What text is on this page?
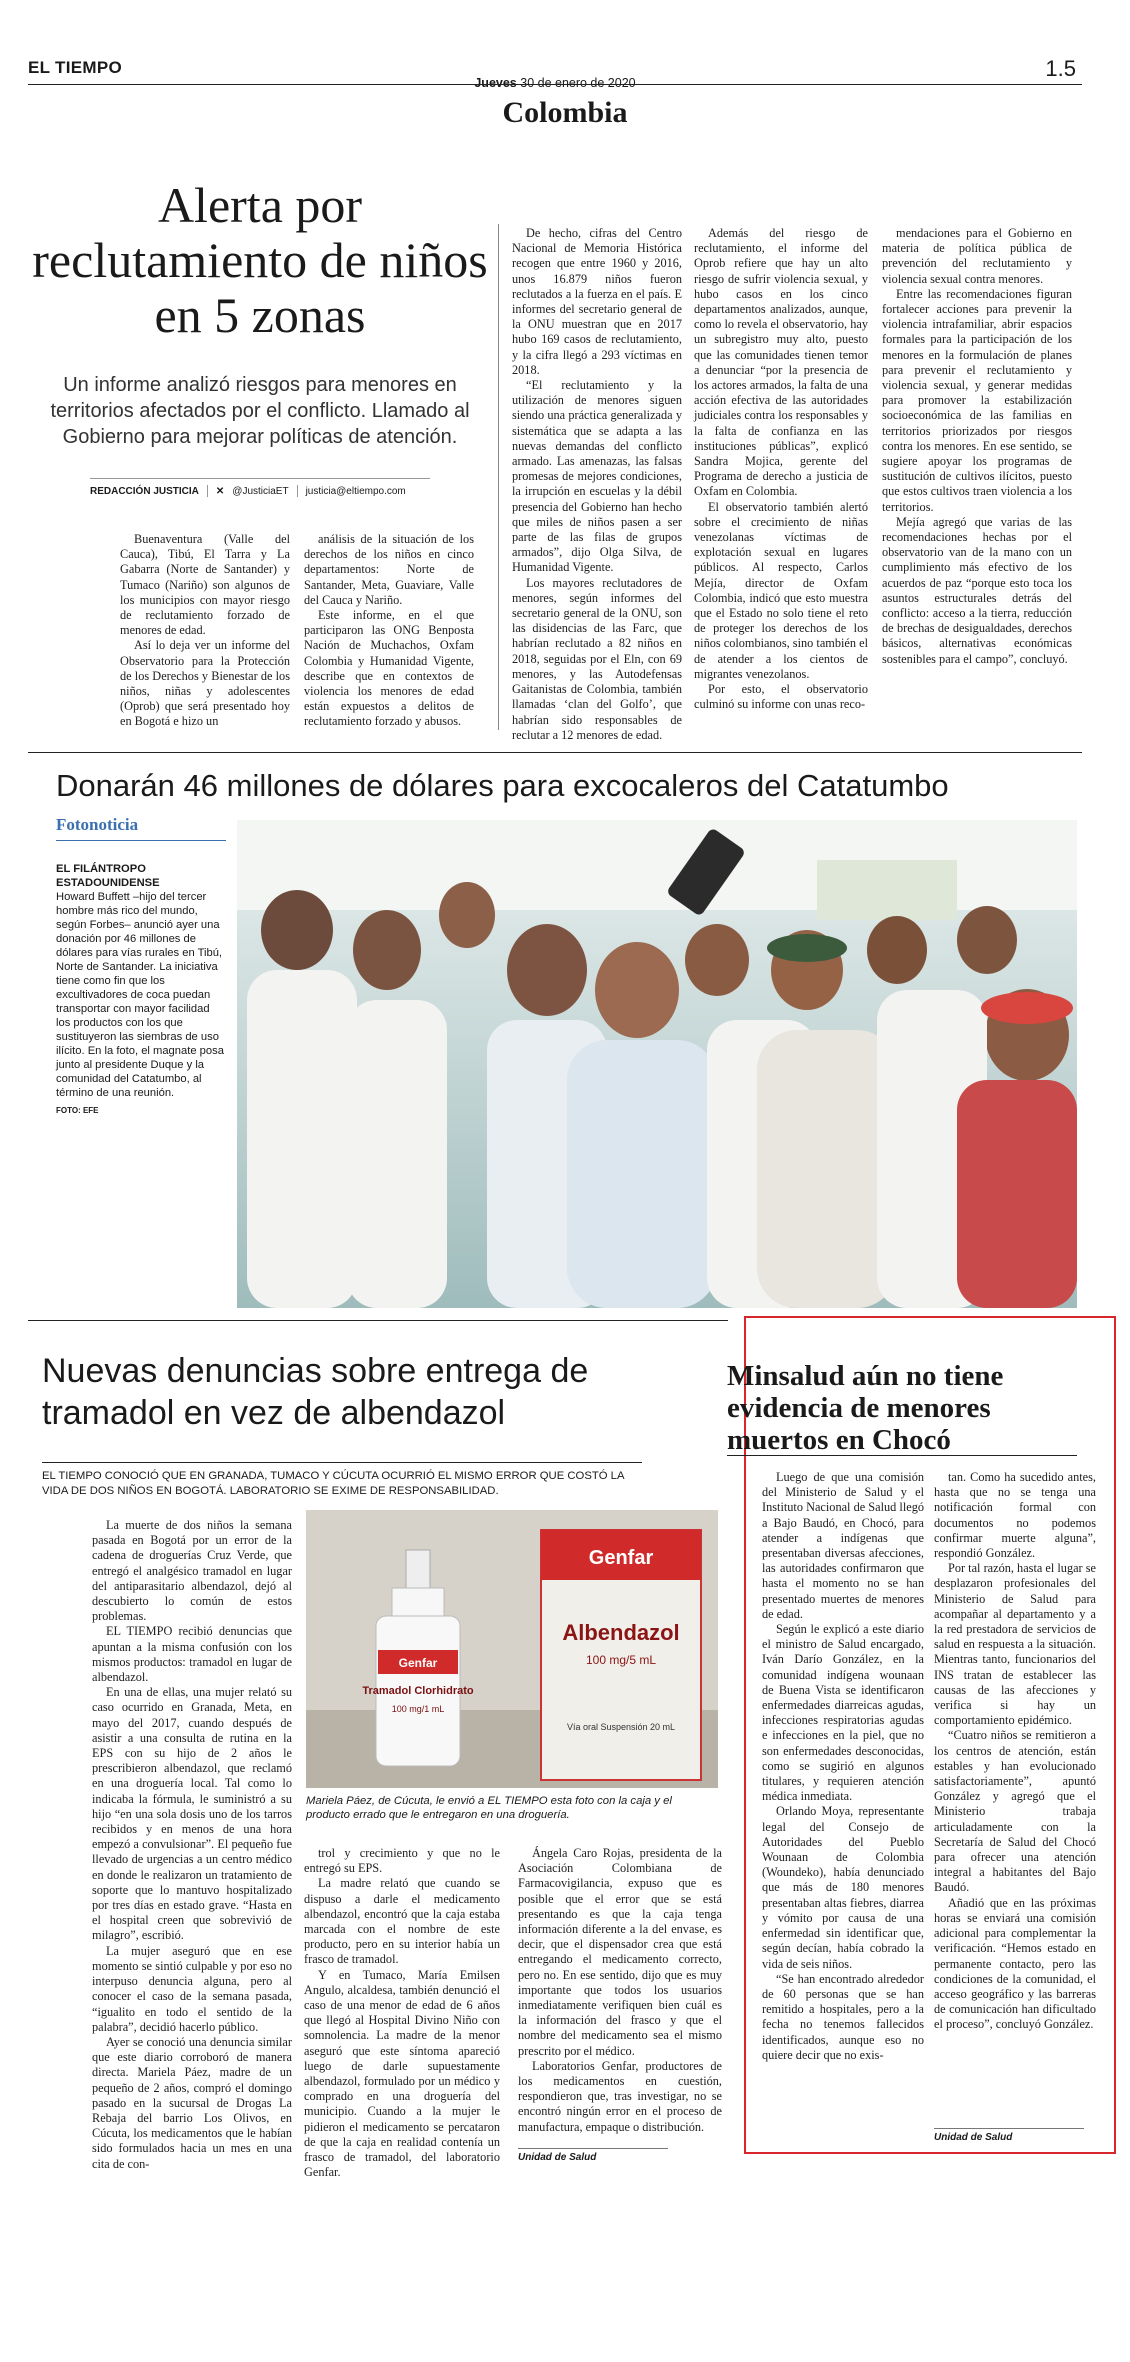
EL TIEMPO
Jueves 30 de enero de 2020
1.5
Colombia
Alerta por reclutamiento de niños en 5 zonas
Un informe analizó riesgos para menores en territorios afectados por el conflicto. Llamado al Gobierno para mejorar políticas de atención.
REDACCIÓN JUSTICIA ✕ @JusticiaET justicia@eltiempo.com

Buenaventura (Valle del Cauca), Tibú, El Tarra y La Gabarra (Norte de Santander) y Tumaco (Nariño) son algunos de los municipios con mayor riesgo de reclutamiento forzado de menores de edad.

Así lo deja ver un informe del Observatorio para la Protección de los Derechos y Bienestar de los niños, niñas y adolescentes (Oprob) que será presentado hoy en Bogotá e hizo un

análisis de la situación de los derechos de los niños en cinco departamentos: Norte de Santander, Meta, Guaviare, Valle del Cauca y Nariño.

Este informe, en el que participaron las ONG Benposta Nación de Muchachos, Oxfam Colombia y Humanidad Vigente, describe que en contextos de violencia los menores de edad están expuestos a delitos de reclutamiento forzado y abusos.

De hecho, cifras del Centro Nacional de Memoria Histórica recogen que entre 1960 y 2016, unos 16.879 niños fueron reclutados a la fuerza en el país. E informes del secretario general de la ONU muestran que en 2017 hubo 169 casos de reclutamiento, y la cifra llegó a 293 víctimas en 2018.

“El reclutamiento y la utilización de menores siguen siendo una práctica generalizada y sistemática que se adapta a las nuevas demandas del conflicto armado. Las amenazas, las falsas promesas de mejores condiciones, la irrupción en escuelas y la débil presencia del Gobierno han hecho que miles de niños pasen a ser parte de las filas de grupos armados”, dijo Olga Silva, de Humanidad Vigente.

Los mayores reclutadores de menores, según informes del secretario general de la ONU, son las disidencias de las Farc, que habrían reclutado a 82 niños en 2018, seguidas por el Eln, con 69 menores, y las Autodefensas Gaitanistas de Colombia, también llamadas ‘clan del Golfo’, que habrían sido responsables de reclutar a 12 menores de edad.

Además del riesgo de reclutamiento, el informe del Oprob refiere que hay un alto riesgo de sufrir violencia sexual, y hubo casos en los cinco departamentos analizados, aunque, como lo revela el observatorio, hay un subregistro muy alto, puesto que las comunidades tienen temor a denunciar “por la presencia de los actores armados, la falta de una acción efectiva de las autoridades judiciales contra los responsables y la falta de confianza en las instituciones públicas”, explicó Sandra Mojica, gerente del Programa de derecho a justicia de Oxfam en Colombia.

El observatorio también alertó sobre el crecimiento de niñas venezolanas víctimas de explotación sexual en lugares públicos. Al respecto, Carlos Mejía, director de Oxfam Colombia, indicó que esto muestra que el Estado no solo tiene el reto de proteger los derechos de los niños colombianos, sino también el de atender a los cientos de migrantes venezolanos.

Por esto, el observatorio culminó su informe con unas reco-

mendaciones para el Gobierno en materia de política pública de prevención del reclutamiento y violencia sexual contra menores.

Entre las recomendaciones figuran fortalecer acciones para prevenir la violencia intrafamiliar, abrir espacios formales para la participación de los menores en la formulación de planes para prevenir el reclutamiento y violencia sexual, y generar medidas para promover la estabilización socioeconómica de las familias en territorios priorizados por riesgos contra los menores. En ese sentido, se sugiere apoyar los programas de sustitución de cultivos ilícitos, puesto que estos cultivos traen violencia a los territorios.

Mejía agregó que varias de las recomendaciones hechas por el observatorio van de la mano con un cumplimiento más efectivo de los acuerdos de paz “porque esto toca los asuntos estructurales detrás del conflicto: acceso a la tierra, reducción de brechas de desigualdades, derechos básicos, alternativas económicas sostenibles para el campo”, concluyó.

Donarán 46 millones de dólares para excocaleros del Catatumbo
Fotonoticia
EL FILÁNTROPO ESTADOUNIDENSE
Howard Buffett –hijo del tercer hombre más rico del mundo, según Forbes– anunció ayer una donación por 46 millones de dólares para vías rurales en Tibú, Norte de Santander. La iniciativa tiene como fin que los excultivadores de coca puedan transportar con mayor facilidad los productos con los que sustituyeron las siembras de uso ilícito. En la foto, el magnate posa junto al presidente Duque y la comunidad del Catatumbo, al término de una reunión.
FOTO: EFE
Nuevas denuncias sobre entrega de tramadol en vez de albendazol
EL TIEMPO CONOCIÓ QUE EN GRANADA, TUMACO Y CÚCUTA OCURRIÓ EL MISMO ERROR QUE COSTÓ LA VIDA DE DOS NIÑOS EN BOGOTÁ. LABORATORIO SE EXIME DE RESPONSABILIDAD.

La muerte de dos niños la semana pasada en Bogotá por un error de la cadena de droguerías Cruz Verde, que entregó el analgésico tramadol en lugar del antiparasitario albendazol, dejó al descubierto lo común de estos problemas.

EL TIEMPO recibió denuncias que apuntan a la misma confusión con los mismos productos: tramadol en lugar de albendazol.

En una de ellas, una mujer relató su caso ocurrido en Granada, Meta, en mayo del 2017, cuando después de asistir a una consulta de rutina en la EPS con su hijo de 2 años le prescribieron albendazol, que reclamó en una droguería local. Tal como lo indicaba la fórmula, le suministró a su hijo “en una sola dosis uno de los tarros recibidos y en menos de una hora empezó a convulsionar”. El pequeño fue llevado de urgencias a un centro médico en donde le realizaron un tratamiento de soporte que lo mantuvo hospitalizado por tres días en estado grave. “Hasta en el hospital creen que sobrevivió de milagro”, escribió.

La mujer aseguró que en ese momento se sintió culpable y por eso no interpuso denuncia alguna, pero al conocer el caso de la semana pasada, “igualito en todo el sentido de la palabra”, decidió hacerlo público.

Ayer se conoció una denuncia similar que este diario corroboró de manera directa. Mariela Páez, madre de un pequeño de 2 años, compró el domingo pasado en la sucursal de Drogas La Rebaja del barrio Los Olivos, en Cúcuta, los medicamentos que le habían sido formulados hacia un mes en una cita de con-

Genfar
Albendazol
100 mg/5 mL
Vía oral Suspensión 20 mL
Genfar
Tramadol Clorhidrato
100 mg/1 mL
Mariela Páez, de Cúcuta, le envió a EL TIEMPO esta foto con la caja y el producto errado que le entregaron en una droguería.

trol y crecimiento y que no le entregó su EPS.

La madre relató que cuando se dispuso a darle el medicamento albendazol, encontró que la caja estaba marcada con el nombre de este producto, pero en su interior había un frasco de tramadol.

Y en Tumaco, María Emilsen Angulo, alcaldesa, también denunció el caso de una menor de edad de 6 años que llegó al Hospital Divino Niño con somnolencia. La madre de la menor aseguró que este síntoma apareció luego de darle supuestamente albendazol, formulado por un médico y comprado en una droguería del municipio. Cuando a la mujer le pidieron el medicamento se percataron de que la caja en realidad contenía un frasco de tramadol, del laboratorio Genfar.

Ángela Caro Rojas, presidenta de la Asociación Colombiana de Farmacovigilancia, expuso que es posible que el error que se está presentando es que la caja tenga información diferente a la del envase, es decir, que el dispensador crea que está entregando el medicamento correcto, pero no. En ese sentido, dijo que es muy importante que todos los usuarios inmediatamente verifiquen bien cuál es la información del frasco y que el nombre del medicamento sea el mismo prescrito por el médico.

Laboratorios Genfar, productores de los medicamentos en cuestión, respondieron que, tras investigar, no se encontró ningún error en el proceso de manufactura, empaque o distribución.

Unidad de Salud
Minsalud aún no tiene evidencia de menores muertos en Chocó

Luego de que una comisión del Ministerio de Salud y el Instituto Nacional de Salud llegó a Bajo Baudó, en Chocó, para atender a indígenas que presentaban diversas afecciones, las autoridades confirmaron que hasta el momento no se han presentado muertes de menores de edad.

Según le explicó a este diario el ministro de Salud encargado, Iván Darío González, en la comunidad indígena wounaan de Buena Vista se identificaron enfermedades diarreicas agudas, infecciones respiratorias agudas e infecciones en la piel, que no son enfermedades desconocidas, como se sugirió en algunos titulares, y requieren atención médica inmediata.

Orlando Moya, representante legal del Consejo de Autoridades del Pueblo Wounaan de Colombia (Woundeko), había denunciado que más de 180 menores presentaban altas fiebres, diarrea y vómito por causa de una enfermedad sin identificar que, según decían, había cobrado la vida de seis niños.

“Se han encontrado alrededor de 60 personas que se han remitido a hospitales, pero a la fecha no tenemos fallecidos identificados, aunque eso no quiere decir que no exis-

tan. Como ha sucedido antes, hasta que no se tenga una notificación formal con documentos no podemos confirmar muerte alguna”, respondió González.

Por tal razón, hasta el lugar se desplazaron profesionales del Ministerio de Salud para acompañar al departamento y a la red prestadora de servicios de salud en respuesta a la situación. Mientras tanto, funcionarios del INS tratan de establecer las causas de las afecciones y verifica si hay un comportamiento epidémico.

“Cuatro niños se remitieron a los centros de atención, están estables y han evolucionado satisfactoriamente”, apuntó González y agregó que el Ministerio trabaja articuladamente con la Secretaría de Salud del Chocó para ofrecer una atención integral a habitantes del Bajo Baudó.

Añadió que en las próximas horas se enviará una comisión adicional para complementar la verificación. “Hemos estado en permanente contacto, pero las condiciones de la comunidad, el acceso geográfico y las barreras de comunicación han dificultado el proceso”, concluyó González.

Unidad de Salud
